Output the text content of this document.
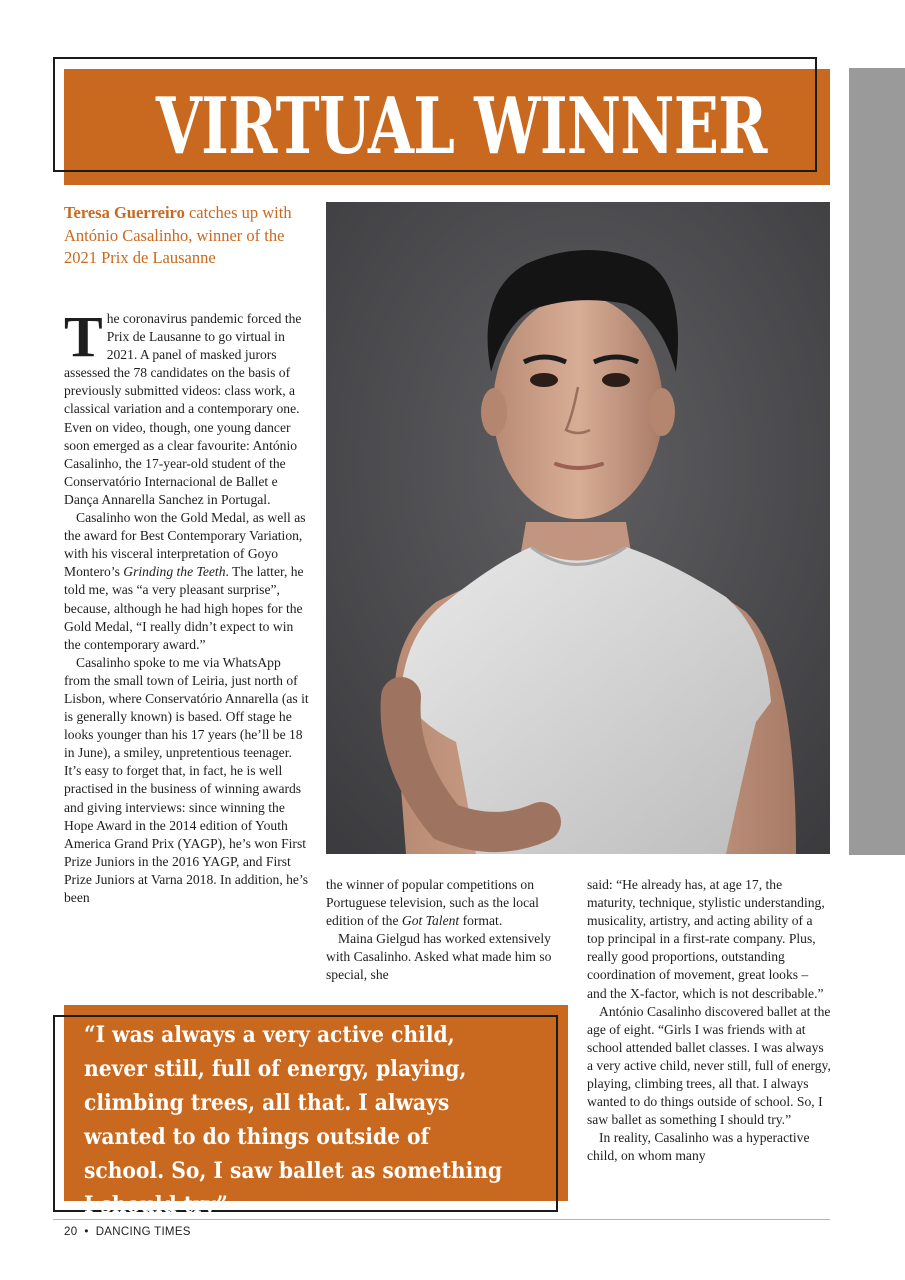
VIRTUAL WINNER
Teresa Guerreiro catches up with António Casalinho, winner of the 2021 Prix de Lausanne

The coronavirus pandemic forced the Prix de Lausanne to go virtual in 2021. A panel of masked jurors assessed the 78 candidates on the basis of previously submitted videos: class work, a classical variation and a contemporary one. Even on video, though, one young dancer soon emerged as a clear favourite: António Casalinho, the 17-year-old student of the Conservatório Internacional de Ballet e Dança Annarella Sanchez in Portugal.

Casalinho won the Gold Medal, as well as the award for Best Contemporary Variation, with his visceral interpretation of Goyo Montero’s Grinding the Teeth. The latter, he told me, was “a very pleasant surprise”, because, although he had high hopes for the Gold Medal, “I really didn’t expect to win the contemporary award.”

Casalinho spoke to me via WhatsApp from the small town of Leiria, just north of Lisbon, where Conservatório Annarella (as it is generally known) is based. Off stage he looks younger than his 17 years (he’ll be 18 in June), a smiley, unpretentious teenager. It’s easy to forget that, in fact, he is well practised in the business of winning awards and giving interviews: since winning the Hope Award in the 2014 edition of Youth America Grand Prix (YAGP), he’s won First Prize Juniors in the 2016 YAGP, and First Prize Juniors at Varna 2018. In addition, he’s been

the winner of popular competitions on Portuguese television, such as the local edition of the Got Talent format.

Maina Gielgud has worked extensively with Casalinho. Asked what made him so special, she

said: “He already has, at age 17, the maturity, technique, stylistic understanding, musicality, artistry, and acting ability of a top principal in a first-rate company. Plus, really good proportions, outstanding coordination of movement, great looks – and the X-factor, which is not describable.”

António Casalinho discovered ballet at the age of eight. “Girls I was friends with at school attended ballet classes. I was always a very active child, never still, full of energy, playing, climbing trees, all that. I always wanted to do things outside of school. So, I saw ballet as something I should try.”

In reality, Casalinho was a hyperactive child, on whom many

“I was always a very active child, never still, full of energy, playing, climbing trees, all that. I always wanted to do things outside of school. So, I saw ballet as something I should try”
20  •  DANCING TIMES
